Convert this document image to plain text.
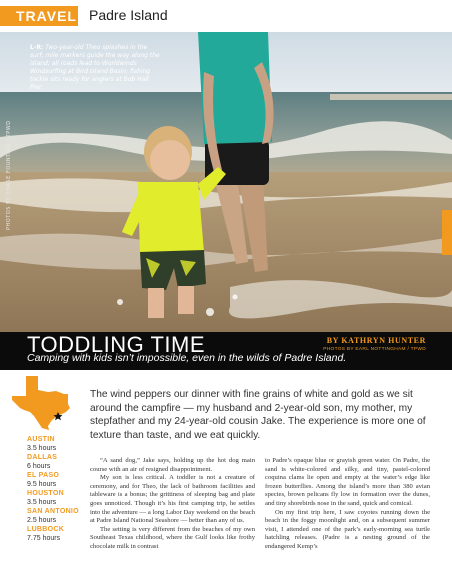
TRAVEL Padre Island
L-R: Two-year-old Theo splashes in the surf; mile markers guide the way along the island; all roads lead to Worldwinds Windsurfing at Bird Island Basin; fishing tackle sits ready for anglers at Bob Hall Pier.
PHOTOS BY CHASE FOUNTAIN / TPWD
TODDLING TIME
Camping with kids isn’t impossible, even in the wilds of Padre Island.
BY KATHRYN HUNTER
PHOTOS BY EARL NOTTINGHAM / TPWD
AUSTIN
3.5 hours
DALLAS
6 hours
EL PASO
9.5 hours
HOUSTON
3.5 hours
SAN ANTONIO
2.5 hours
LUBBOCK
7.75 hours
The wind peppers our dinner with fine grains of white and gold as we sit around the campfire — my husband and 2-year-old son, my mother, my stepfather and my 24-year-old cousin Jake. The experience is more one of texture than taste, and we eat quickly.

“A sand dog,” Jake says, holding up the hot dog main course with an air of resigned disappointment.

My son is less critical. A toddler is not a creature of ceremony, and for Theo, the lack of bathroom facilities and tableware is a bonus; the grittiness of sleeping bag and plate goes unnoticed. Though it’s his first camping trip, he settles into the adventure — a long Labor Day weekend on the beach at Padre Island National Seashore — better than any of us.

The setting is very different from the beaches of my own Southeast Texas childhood, where the Gulf looks like frothy chocolate milk in contrast

to Padre’s opaque blue or grayish green water. On Padre, the sand is white-colored and silky, and tiny, pastel-colored coquina clams lie open and empty at the water’s edge like frozen butterflies. Among the island’s more than 380 avian species, brown pelicans fly low in formation over the dunes, and tiny shorebirds nose in the sand, quick and comical.

On my first trip here, I saw coyotes running down the beach in the foggy moonlight and, on a subsequent summer visit, I attended one of the park’s early-morning sea turtle hatchling releases. (Padre is a nesting ground of the endangered Kemp’s
